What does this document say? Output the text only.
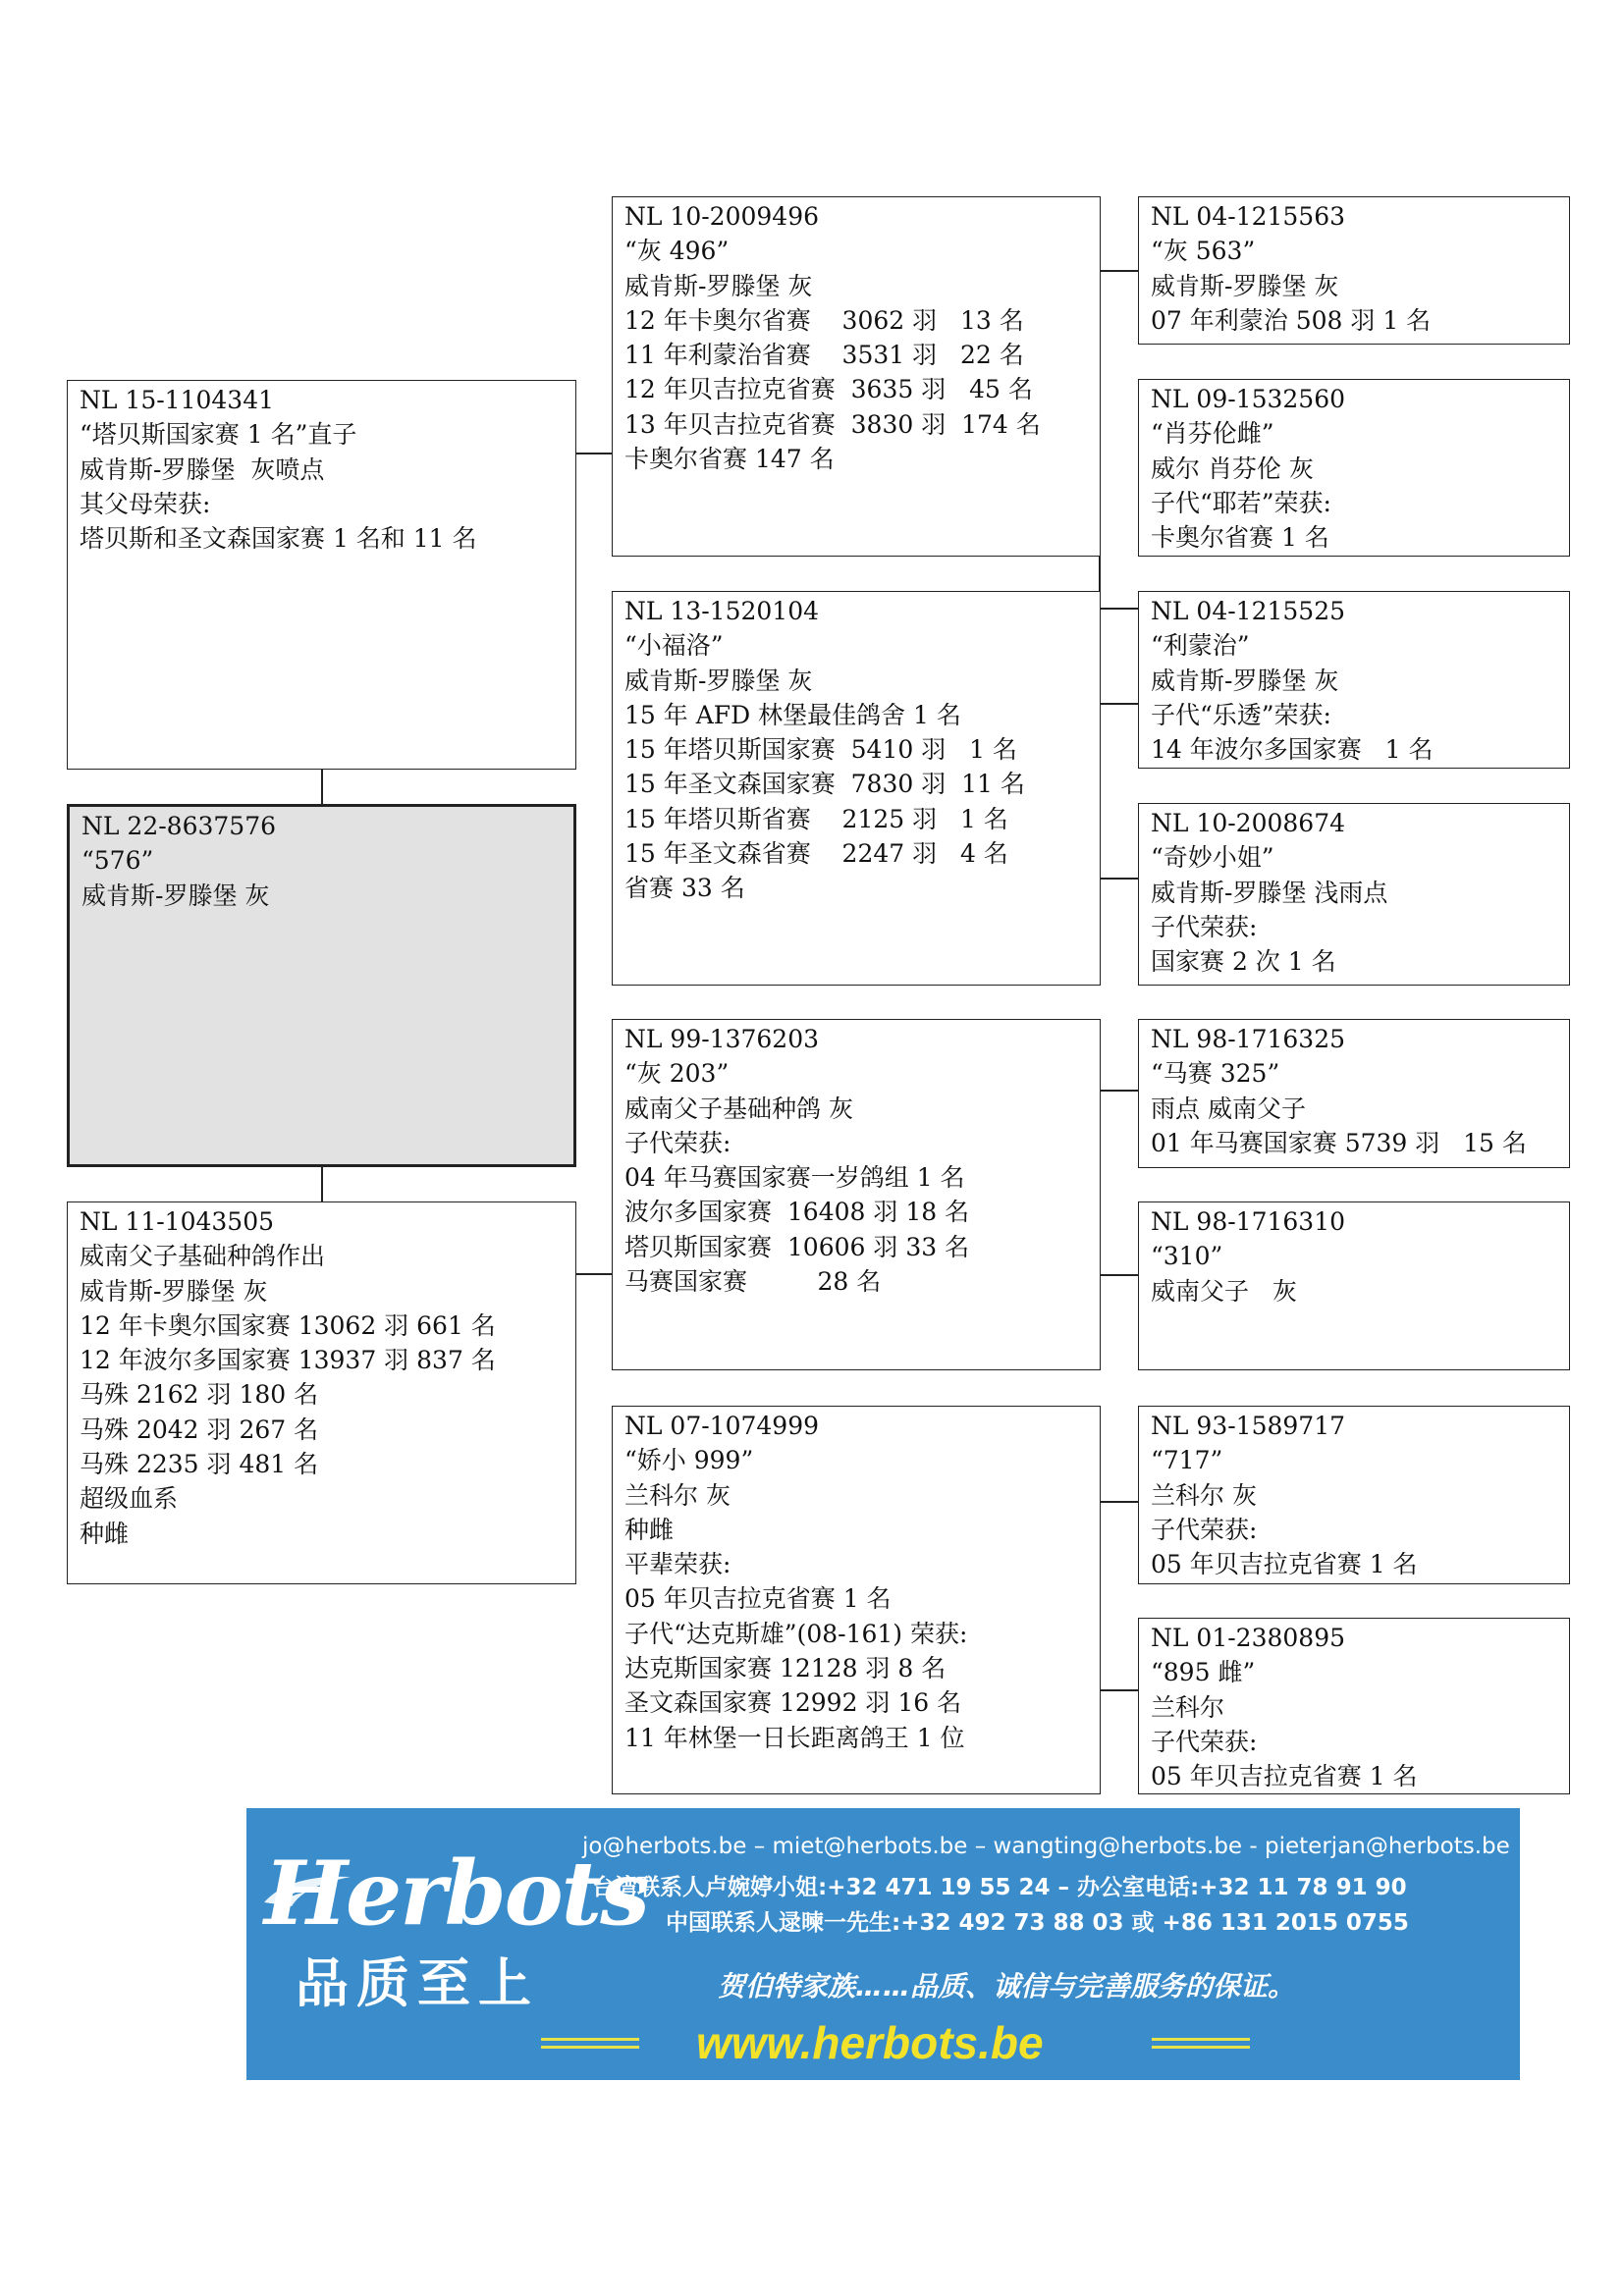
NL 15-1104341
“塔贝斯国家赛 1 名”直子
威肯斯-罗滕堡  灰喷点
其父母荣获:
塔贝斯和圣文森国家赛 1 名和 11 名
NL 22-8637576
“576”
威肯斯-罗滕堡 灰
NL 11-1043505
威南父子基础种鸽作出
威肯斯-罗滕堡 灰
12 年卡奥尔国家赛 13062 羽 661 名
12 年波尔多国家赛 13937 羽 837 名
马殊 2162 羽 180 名
马殊 2042 羽 267 名
马殊 2235 羽 481 名
超级血系
种雌
NL 10-2009496
“灰 496”
威肯斯-罗滕堡 灰
12 年卡奥尔省赛    3062 羽   13 名
11 年利蒙治省赛    3531 羽   22 名
12 年贝吉拉克省赛  3635 羽   45 名
13 年贝吉拉克省赛  3830 羽  174 名
卡奥尔省赛 147 名
NL 13-1520104
“小福洛”
威肯斯-罗滕堡 灰
15 年 AFD 林堡最佳鸽舍 1 名
15 年塔贝斯国家赛  5410 羽   1 名
15 年圣文森国家赛  7830 羽  11 名
15 年塔贝斯省赛    2125 羽   1 名
15 年圣文森省赛    2247 羽   4 名
省赛 33 名
NL 99-1376203
“灰 203”
威南父子基础种鸽 灰
子代荣获:
04 年马赛国家赛一岁鸽组 1 名
波尔多国家赛  16408 羽 18 名
塔贝斯国家赛  10606 羽 33 名
马赛国家赛         28 名
NL 07-1074999
“娇小 999”
兰科尔 灰
种雌
平辈荣获:
05 年贝吉拉克省赛 1 名
子代“达克斯雄”(08-161) 荣获:
达克斯国家赛 12128 羽 8 名
圣文森国家赛 12992 羽 16 名
11 年林堡一日长距离鸽王 1 位
NL 04-1215563
“灰 563”
威肯斯-罗滕堡 灰
07 年利蒙治 508 羽 1 名
NL 09-1532560
“肖芬伦雌”
威尔 肖芬伦 灰
子代“耶若”荣获:
卡奥尔省赛 1 名
NL 04-1215525
“利蒙治”
威肯斯-罗滕堡 灰
子代“乐透”荣获:
14 年波尔多国家赛   1 名
NL 10-2008674
“奇妙小姐”
威肯斯-罗滕堡 浅雨点
子代荣获:
国家赛 2 次 1 名
NL 98-1716325
“马赛 325”
雨点 威南父子
01 年马赛国家赛 5739 羽   15 名
NL 98-1716310
“310”
威南父子   灰
NL 93-1589717
“717”
兰科尔 灰
子代荣获:
05 年贝吉拉克省赛 1 名
NL 01-2380895
“895 雌”
兰科尔
子代荣获:
05 年贝吉拉克省赛 1 名
Herbots
品质至上
jo@herbots.be – miet@herbots.be – wangting@herbots.be - pieterjan@herbots.be
台湾联系人卢婉婷小姐:+32 471 19 55 24 – 办公室电话:+32 11 78 91 90
中国联系人逯暕一先生:+32 492 73 88 03 或 +86 131 2015 0755
贺伯特家族……品质、诚信与完善服务的保证。
www.herbots.be
